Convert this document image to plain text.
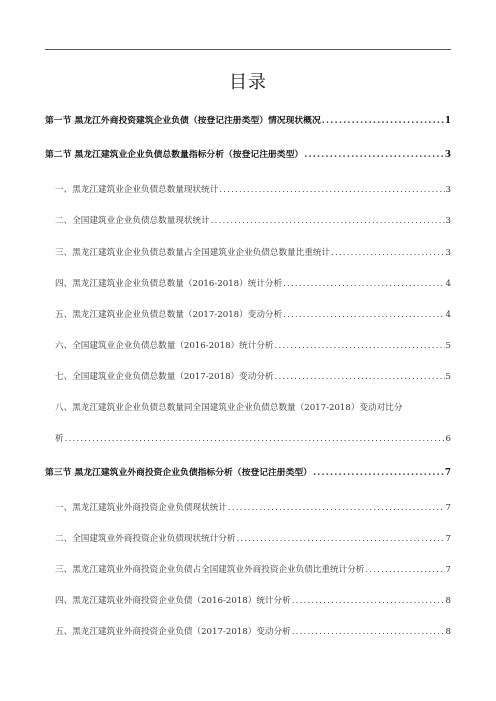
目录
第一节 黑龙江外商投资建筑企业负债（按登记注册类型）情况现状概况 .....	1
第二节 黑龙江建筑业企业负债总数量指标分析（按登记注册类型） .....	3
一、黑龙江建筑业企业负债总数量现状统计 .....	3
二、全国建筑业企业负债总数量现状统计 .....	3
三、黑龙江建筑业企业负债总数量占全国建筑业企业负债总数量比重统计 .....	3
四、黑龙江建筑业企业负债总数量（2016-2018）统计分析 .....	4
五、黑龙江建筑业企业负债总数量（2017-2018）变动分析 .....	4
六、全国建筑业企业负债总数量（2016-2018）统计分析 .....	5
七、全国建筑业企业负债总数量（2017-2018）变动分析 .....	5
八、黑龙江建筑业企业负债总数量同全国建筑业企业负债总数量（2017-2018）变动对比分
析 .....	6
第三节 黑龙江建筑业外商投资企业负债指标分析（按登记注册类型） .....	7
一、黑龙江建筑业外商投资企业负债现状统计 .....	7
二、全国建筑业外商投资企业负债现状统计分析 .....	7
三、黑龙江建筑业外商投资企业负债占全国建筑业外商投资企业负债比重统计分析 .....	7
四、黑龙江建筑业外商投资企业负债（2016-2018）统计分析 .....	8
五、黑龙江建筑业外商投资企业负债（2017-2018）变动分析 .....	8
